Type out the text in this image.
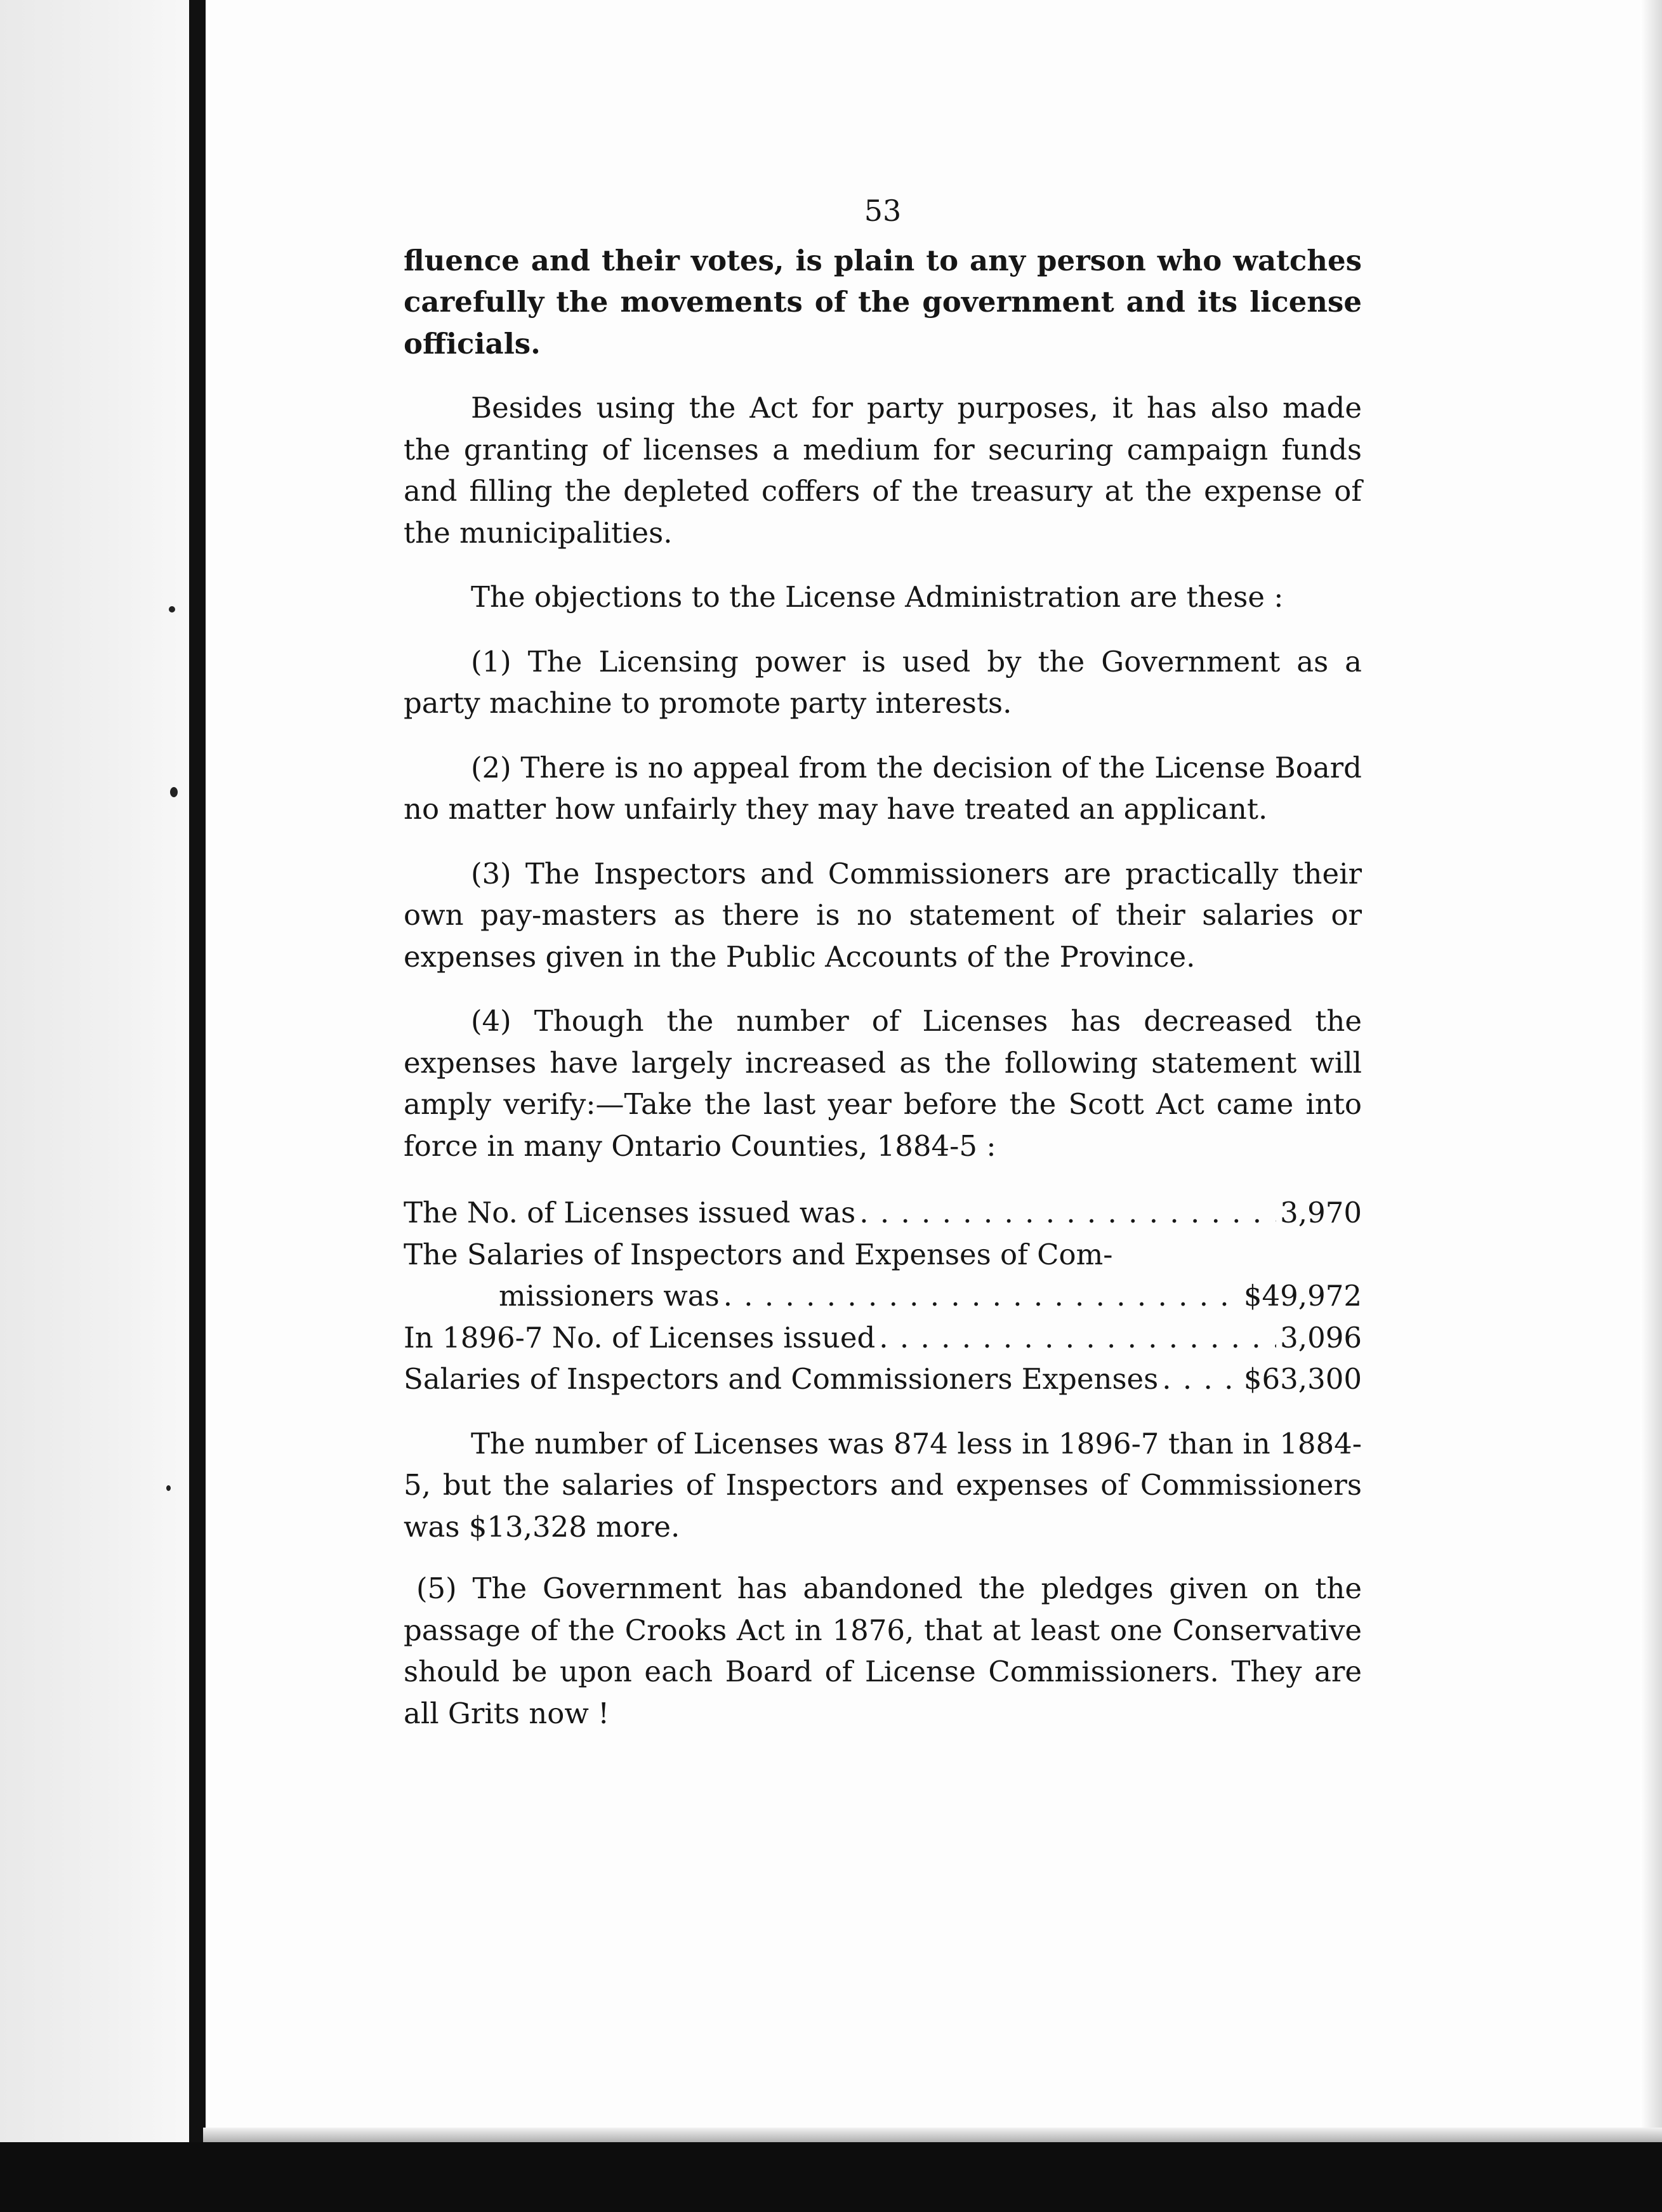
53

fluence and their votes, is plain to any person who watches carefully the movements of the government and its license officials.

Besides using the Act for party purposes, it has also made the granting of licenses a medium for securing campaign funds and filling the depleted coffers of the treasury at the expense of the municipalities.

The objections to the License Administration are these :

(1) The Licensing power is used by the Government as a party machine to promote party interests.

(2) There is no appeal from the decision of the License Board no matter how unfairly they may have treated an applicant.

(3) The Inspectors and Commissioners are practically their own pay-masters as there is no statement of their salaries or expenses given in the Public Accounts of the Province.

(4) Though the number of Licenses has decreased the expenses have largely increased as the following statement will amply verify:—Take the last year before the Scott Act came into force in many Ontario Counties, 1884-5 :

The No. of Licenses issued was . . .	3,970
The Salaries of Inspectors and Expenses of Com-
missioners was . . .	$49,972
In 1896-7 No. of Licenses issued . . .	3,096
Salaries of Inspectors and Commissioners Expenses . . .	$63,300

The number of Licenses was 874 less in 1896-7 than in 1884-5, but the salaries of Inspectors and expenses of Commissioners was $13,328 more.

(5) The Government has abandoned the pledges given on the passage of the Crooks Act in 1876, that at least one Conservative should be upon each Board of License Commissioners. They are all Grits now !
